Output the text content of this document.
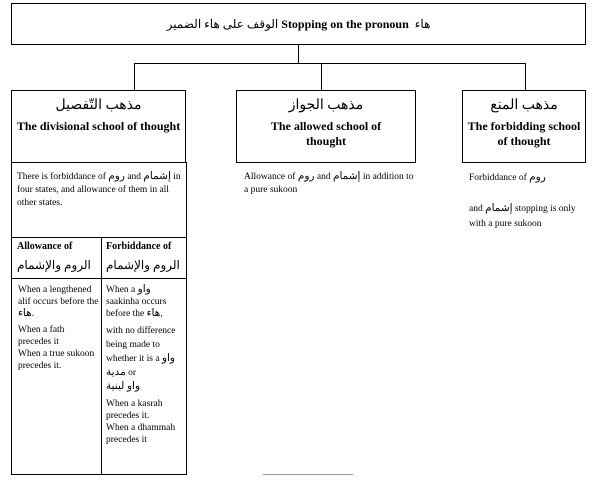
الوقف على هاء الضمير Stopping on the pronoun هاء
مذهب التّفصيل
The divisional school of thought
مذهب الجواز
The allowed school of thought
مذهب المنع
The forbidding school of thought
There is forbiddance of روم and إشمام in four states, and allowance of them in all other states.
Allowance of
الروم والإشمام
Forbiddance of
الروم والإشمام

When a lengthened alif occurs before the هاء.

When a fath precedes it

When a true sukoon precedes it.

When a واو saakinha occurs before the هاء,

with no difference being made to whether it is a واو مدية or
واو لينية

When a kasrah precedes it.

When a dhammah precedes it

Allowance of روم and إشمام in addition to a pure sukoon
Forbiddance of روم

and إشمام stopping is only with a pure sukoon
